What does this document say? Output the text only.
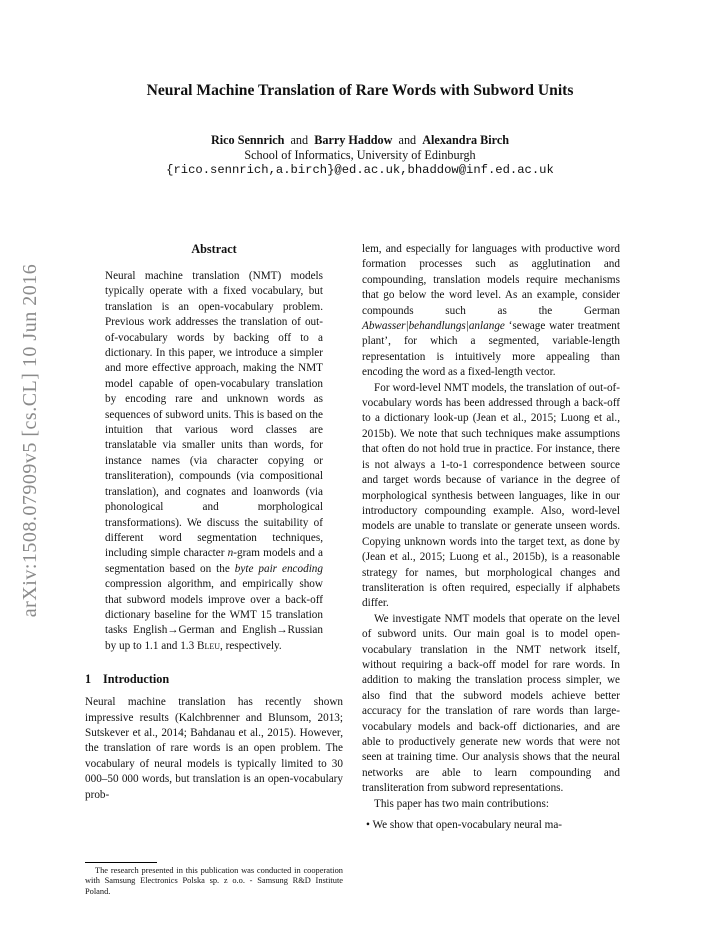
arXiv:1508.07909v5 [cs.CL] 10 Jun 2016
Neural Machine Translation of Rare Words with Subword Units
Rico Sennrich and Barry Haddow and Alexandra Birch
School of Informatics, University of Edinburgh
{rico.sennrich,a.birch}@ed.ac.uk,bhaddow@inf.ed.ac.uk
Abstract

Neural machine translation (NMT) models typically operate with a fixed vocabulary, but translation is an open-vocabulary problem. Previous work addresses the translation of out-of-vocabulary words by backing off to a dictionary. In this paper, we introduce a simpler and more effective approach, making the NMT model capable of open-vocabulary translation by encoding rare and unknown words as sequences of subword units. This is based on the intuition that various word classes are translatable via smaller units than words, for instance names (via character copying or transliteration), compounds (via compositional translation), and cognates and loanwords (via phonological and morphological transformations). We discuss the suitability of different word segmentation techniques, including simple character n-gram models and a segmentation based on the byte pair encoding compression algorithm, and empirically show that subword models improve over a back-off dictionary baseline for the WMT 15 translation tasks English→German and English→Russian by up to 1.1 and 1.3 Bleu, respectively.

1 Introduction

Neural machine translation has recently shown impressive results (Kalchbrenner and Blunsom, 2013; Sutskever et al., 2014; Bahdanau et al., 2015). However, the translation of rare words is an open problem. The vocabulary of neural models is typically limited to 30 000–50 000 words, but translation is an open-vocabulary prob-

lem, and especially for languages with productive word formation processes such as agglutination and compounding, translation models require mechanisms that go below the word level. As an example, consider compounds such as the German Abwasser|behandlungs|anlange ‘sewage water treatment plant’, for which a segmented, variable-length representation is intuitively more appealing than encoding the word as a fixed-length vector.

For word-level NMT models, the translation of out-of-vocabulary words has been addressed through a back-off to a dictionary look-up (Jean et al., 2015; Luong et al., 2015b). We note that such techniques make assumptions that often do not hold true in practice. For instance, there is not always a 1-to-1 correspondence between source and target words because of variance in the degree of morphological synthesis between languages, like in our introductory compounding example. Also, word-level models are unable to translate or generate unseen words. Copying unknown words into the target text, as done by (Jean et al., 2015; Luong et al., 2015b), is a reasonable strategy for names, but morphological changes and transliteration is often required, especially if alphabets differ.

We investigate NMT models that operate on the level of subword units. Our main goal is to model open-vocabulary translation in the NMT network itself, without requiring a back-off model for rare words. In addition to making the translation process simpler, we also find that the subword models achieve better accuracy for the translation of rare words than large-vocabulary models and back-off dictionaries, and are able to productively generate new words that were not seen at training time. Our analysis shows that the neural networks are able to learn compounding and transliteration from subword representations.

This paper has two main contributions:

• We show that open-vocabulary neural ma-

The research presented in this publication was conducted in cooperation with Samsung Electronics Polska sp. z o.o. - Samsung R&D Institute Poland.
